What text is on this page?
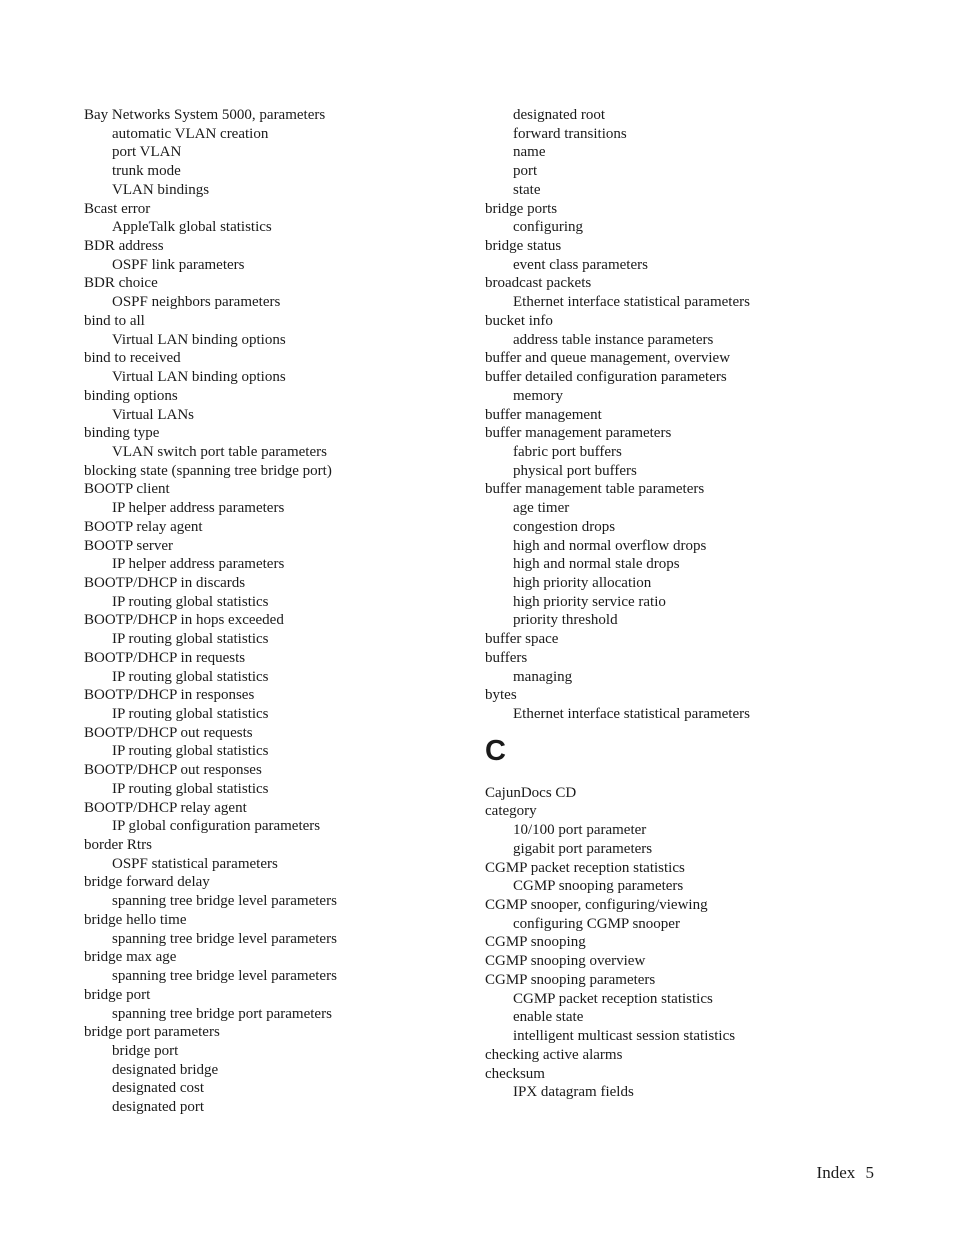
Bay Networks System 5000, parameters
automatic VLAN creation
port VLAN
trunk mode
VLAN bindings
Bcast error
AppleTalk global statistics
BDR address
OSPF link parameters
BDR choice
OSPF neighbors parameters
bind to all
Virtual LAN binding options
bind to received
Virtual LAN binding options
binding options
Virtual LANs
binding type
VLAN switch port table parameters
blocking state (spanning tree bridge port)
BOOTP client
IP helper address parameters
BOOTP relay agent
BOOTP server
IP helper address parameters
BOOTP/DHCP in discards
IP routing global statistics
BOOTP/DHCP in hops exceeded
IP routing global statistics
BOOTP/DHCP in requests
IP routing global statistics
BOOTP/DHCP in responses
IP routing global statistics
BOOTP/DHCP out requests
IP routing global statistics
BOOTP/DHCP out responses
IP routing global statistics
BOOTP/DHCP relay agent
IP global configuration parameters
border Rtrs
OSPF statistical parameters
bridge forward delay
spanning tree bridge level parameters
bridge hello time
spanning tree bridge level parameters
bridge max age
spanning tree bridge level parameters
bridge port
spanning tree bridge port parameters
bridge port parameters
bridge port
designated bridge
designated cost
designated port
designated root
forward transitions
name
port
state
bridge ports
configuring
bridge status
event class parameters
broadcast packets
Ethernet interface statistical parameters
bucket info
address table instance parameters
buffer and queue management, overview
buffer detailed configuration parameters
memory
buffer management
buffer management parameters
fabric port buffers
physical port buffers
buffer management table parameters
age timer
congestion drops
high and normal overflow drops
high and normal stale drops
high priority allocation
high priority service ratio
priority threshold
buffer space
buffers
managing
bytes
Ethernet interface statistical parameters
C
CajunDocs CD
category
10/100 port parameter
gigabit port parameters
CGMP packet reception statistics
CGMP snooping parameters
CGMP snooper, configuring/viewing
configuring CGMP snooper
CGMP snooping
CGMP snooping overview
CGMP snooping parameters
CGMP packet reception statistics
enable state
intelligent multicast session statistics
checking active alarms
checksum
IPX datagram fields
Index 5
